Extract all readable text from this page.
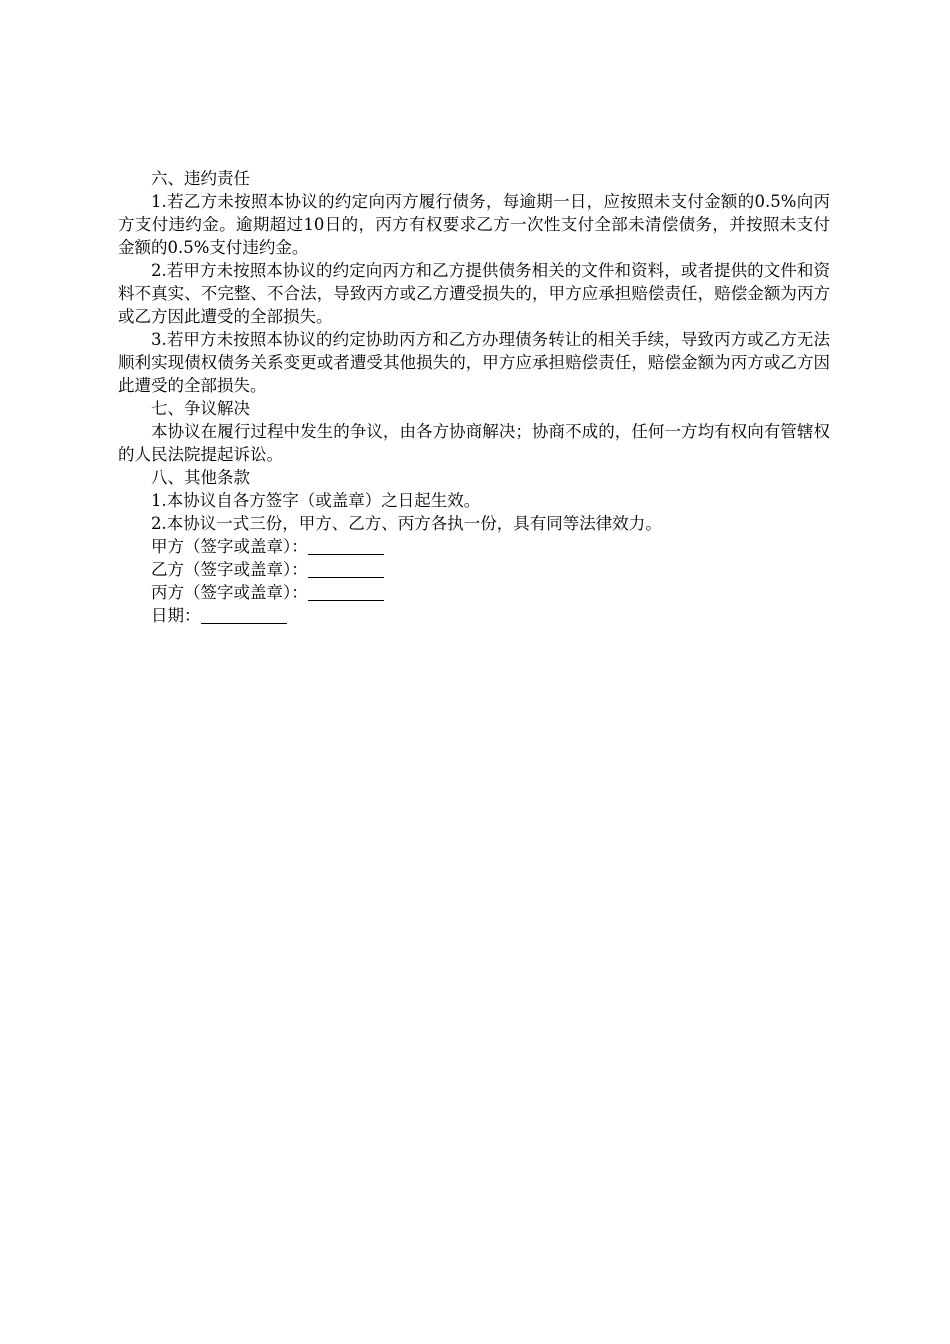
六、违约责任

1.若乙方未按照本协议的约定向丙方履行债务，每逾期一日，应按照未支付金额的0.5%向丙方支付违约金。逾期超过10日的，丙方有权要求乙方一次性支付全部未清偿债务，并按照未支付金额的0.5%支付违约金。

2.若甲方未按照本协议的约定向丙方和乙方提供债务相关的文件和资料，或者提供的文件和资料不真实、不完整、不合法，导致丙方或乙方遭受损失的，甲方应承担赔偿责任，赔偿金额为丙方或乙方因此遭受的全部损失。

3.若甲方未按照本协议的约定协助丙方和乙方办理债务转让的相关手续，导致丙方或乙方无法顺利实现债权债务关系变更或者遭受其他损失的，甲方应承担赔偿责任，赔偿金额为丙方或乙方因此遭受的全部损失。

七、争议解决

本协议在履行过程中发生的争议，由各方协商解决；协商不成的，任何一方均有权向有管辖权的人民法院提起诉讼。

八、其他条款

1.本协议自各方签字（或盖章）之日起生效。

2.本协议一式三份，甲方、乙方、丙方各执一份，具有同等法律效力。

甲方（签字或盖章）：

乙方（签字或盖章）：

丙方（签字或盖章）：

日期：
